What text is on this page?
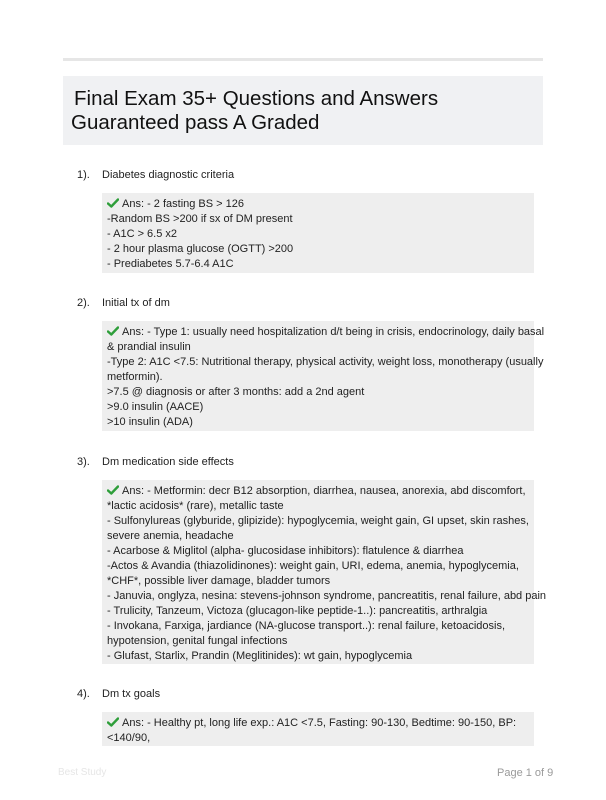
Final Exam 35+ Questions and Answers
Guaranteed pass A Graded
1). Diabetes diagnostic criteria
Ans: - 2 fasting BS > 126
-Random BS >200 if sx of DM present
- A1C > 6.5 x2
- 2 hour plasma glucose (OGTT) >200
- Prediabetes 5.7-6.4 A1C
2). Initial tx of dm
Ans: - Type 1: usually need hospitalization d/t being in crisis, endocrinology, daily basal
& prandial insulin
-Type 2: A1C <7.5: Nutritional therapy, physical activity, weight loss, monotherapy (usually
metformin).
>7.5 @ diagnosis or after 3 months: add a 2nd agent
>9.0 insulin (AACE)
>10 insulin (ADA)
3). Dm medication side effects
Ans: - Metformin: decr B12 absorption, diarrhea, nausea, anorexia, abd discomfort,
*lactic acidosis* (rare), metallic taste
- Sulfonylureas (glyburide, glipizide): hypoglycemia, weight gain, GI upset, skin rashes,
severe anemia, headache
- Acarbose & Miglitol (alpha- glucosidase inhibitors): flatulence & diarrhea
-Actos & Avandia (thiazolidinones): weight gain, URI, edema, anemia, hypoglycemia,
*CHF*, possible liver damage, bladder tumors
- Januvia, onglyza, nesina: stevens-johnson syndrome, pancreatitis, renal failure, abd pain
- Trulicity, Tanzeum, Victoza (glucagon-like peptide-1..): pancreatitis, arthralgia
- Invokana, Farxiga, jardiance (NA-glucose transport..): renal failure, ketoacidosis,
hypotension, genital fungal infections
- Glufast, Starlix, Prandin (Meglitinides): wt gain, hypoglycemia
4). Dm tx goals
Ans: - Healthy pt, long life exp.: A1C <7.5, Fasting: 90-130, Bedtime: 90-150, BP:
<140/90,
Best Study	Page 1 of 9
